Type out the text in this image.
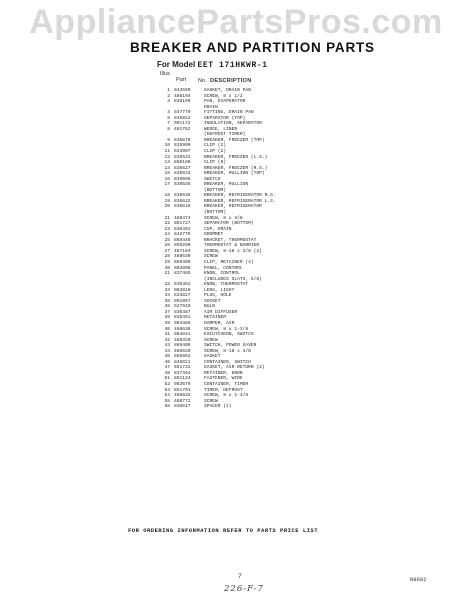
AppliancePartsPros.com
BREAKER AND PARTITION PARTS
For Model EET 171HKWR-1
Illus
Part No. DESCRIPTION
1 843590	GASKET, DRAIN PAN
2 486194	SCREW, 8 x 1/2
3 836199	PAN, EVAPORATOR
DRAIN
4 847770	FITTING, DRAIN PAN
5 845822	SEPARATOR (TOP)
7 991172	INSULATION, SEPARATOR
8 481782	WEDGE, LINER
(DEFROST TIMER)
9 836678	BREAKER, FREEZER (TOP)
10 835990	CLIP (2)
11 843907	CLIP (2)
12 836531	BREAKER, FREEZER (L.S.)
13 869190	CLIP (6)
14 836627	BREAKER, FREEZER (R.S.)
15 836633	BREAKER, MULLION (TOP)
16 849695	SWITCH
17 836635	BREAKER, MULLION
(BOTTOM)
18 836638	BREAKER, REFRIGERATOR R.S.
19 836632	BREAKER, REFRIGERATOR L.S.
20 836616	BREAKER, REFRIGERATOR
(BOTTOM)
21 488474	SCREW, 8 x 3/8
22 881727	SEPARATOR (BOTTOM)
23 836491	CUP, DRAIN
24 842779	GROMMET
25 868446	BRACKET, THERMOSTAT
26 959290	THERMOSTAT & BARRIER
27 487164	SCREW, 8-18 x 3/8 (2)
28 488630	SCREW
29 869409	CLIP, RETAINER (4)
30 983808	PANEL, CONTROL
31 837465	KNOB, CONTROL
(INCLUDES SLATS, 5/8)
32 836482	KNOB, THERMOSTAT
33 983810	LENS, LIGHT
34 834827	PLUG, HOLE
35 991057	SOCKET
36 527949	BULB
37 836487	AIR DIFFUSER
38 836491	RETAINER
39 984468	DAMPER, AIR
40 488638	SCREW, 8 x 1-3/8
41 984841	ESCUTCHEON, SWITCH
42 488320	SCREW
43 869409	SWITCH, POWER SAVER
44 488620	SCREW, 8-18 x 3/8
45 665662	GASKET
46 845021	CONTAINER, SWITCH
47 661722	GASKET, AIR RETURN (2)
48 837444	RETAINER, KNOB
51 851124	FASTENER, WIRE
52 983679	CONTAINER, TIMER
53 851701	TIMER, DEFROST
54 488632	SCREW, 8 x 1-3/8
55 488772	SCREW
58 836617	SPACER (2)
FOR ORDERING INFORMATION REFER TO PARTS PRICE LIST
7	N9682
226-F-7
